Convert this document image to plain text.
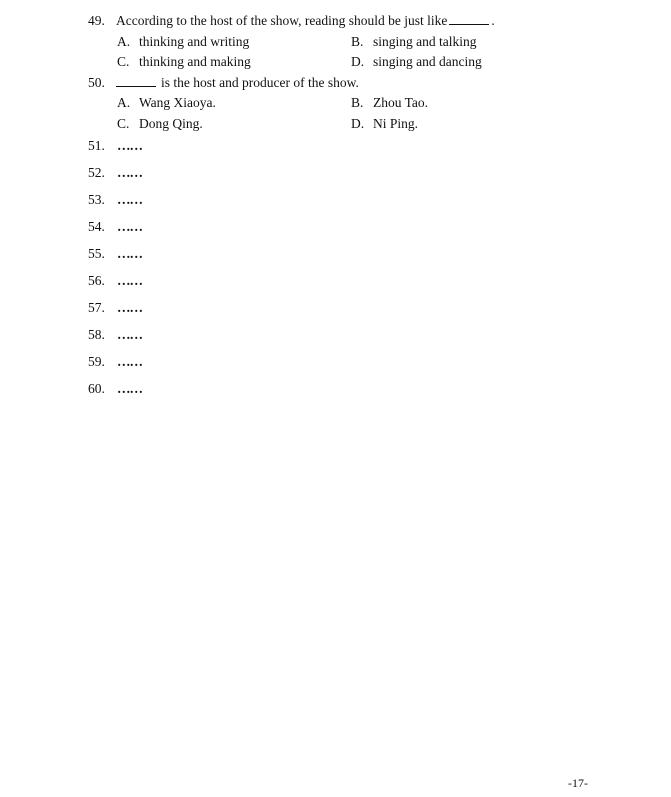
49. According to the host of the show, reading should be just like	.
A. thinking and writing	B. singing and talking
C. thinking and making	D. singing and dancing
50.	is the host and producer of the show.
A. Wang Xiaoya.	B. Zhou Tao.
C. Dong Qing.	D. Ni Ping.
51. ……
52. ……
53. ……
54. ……
55. ……
56. ……
57. ……
58. ……
59. ……
60. ……
-17-
